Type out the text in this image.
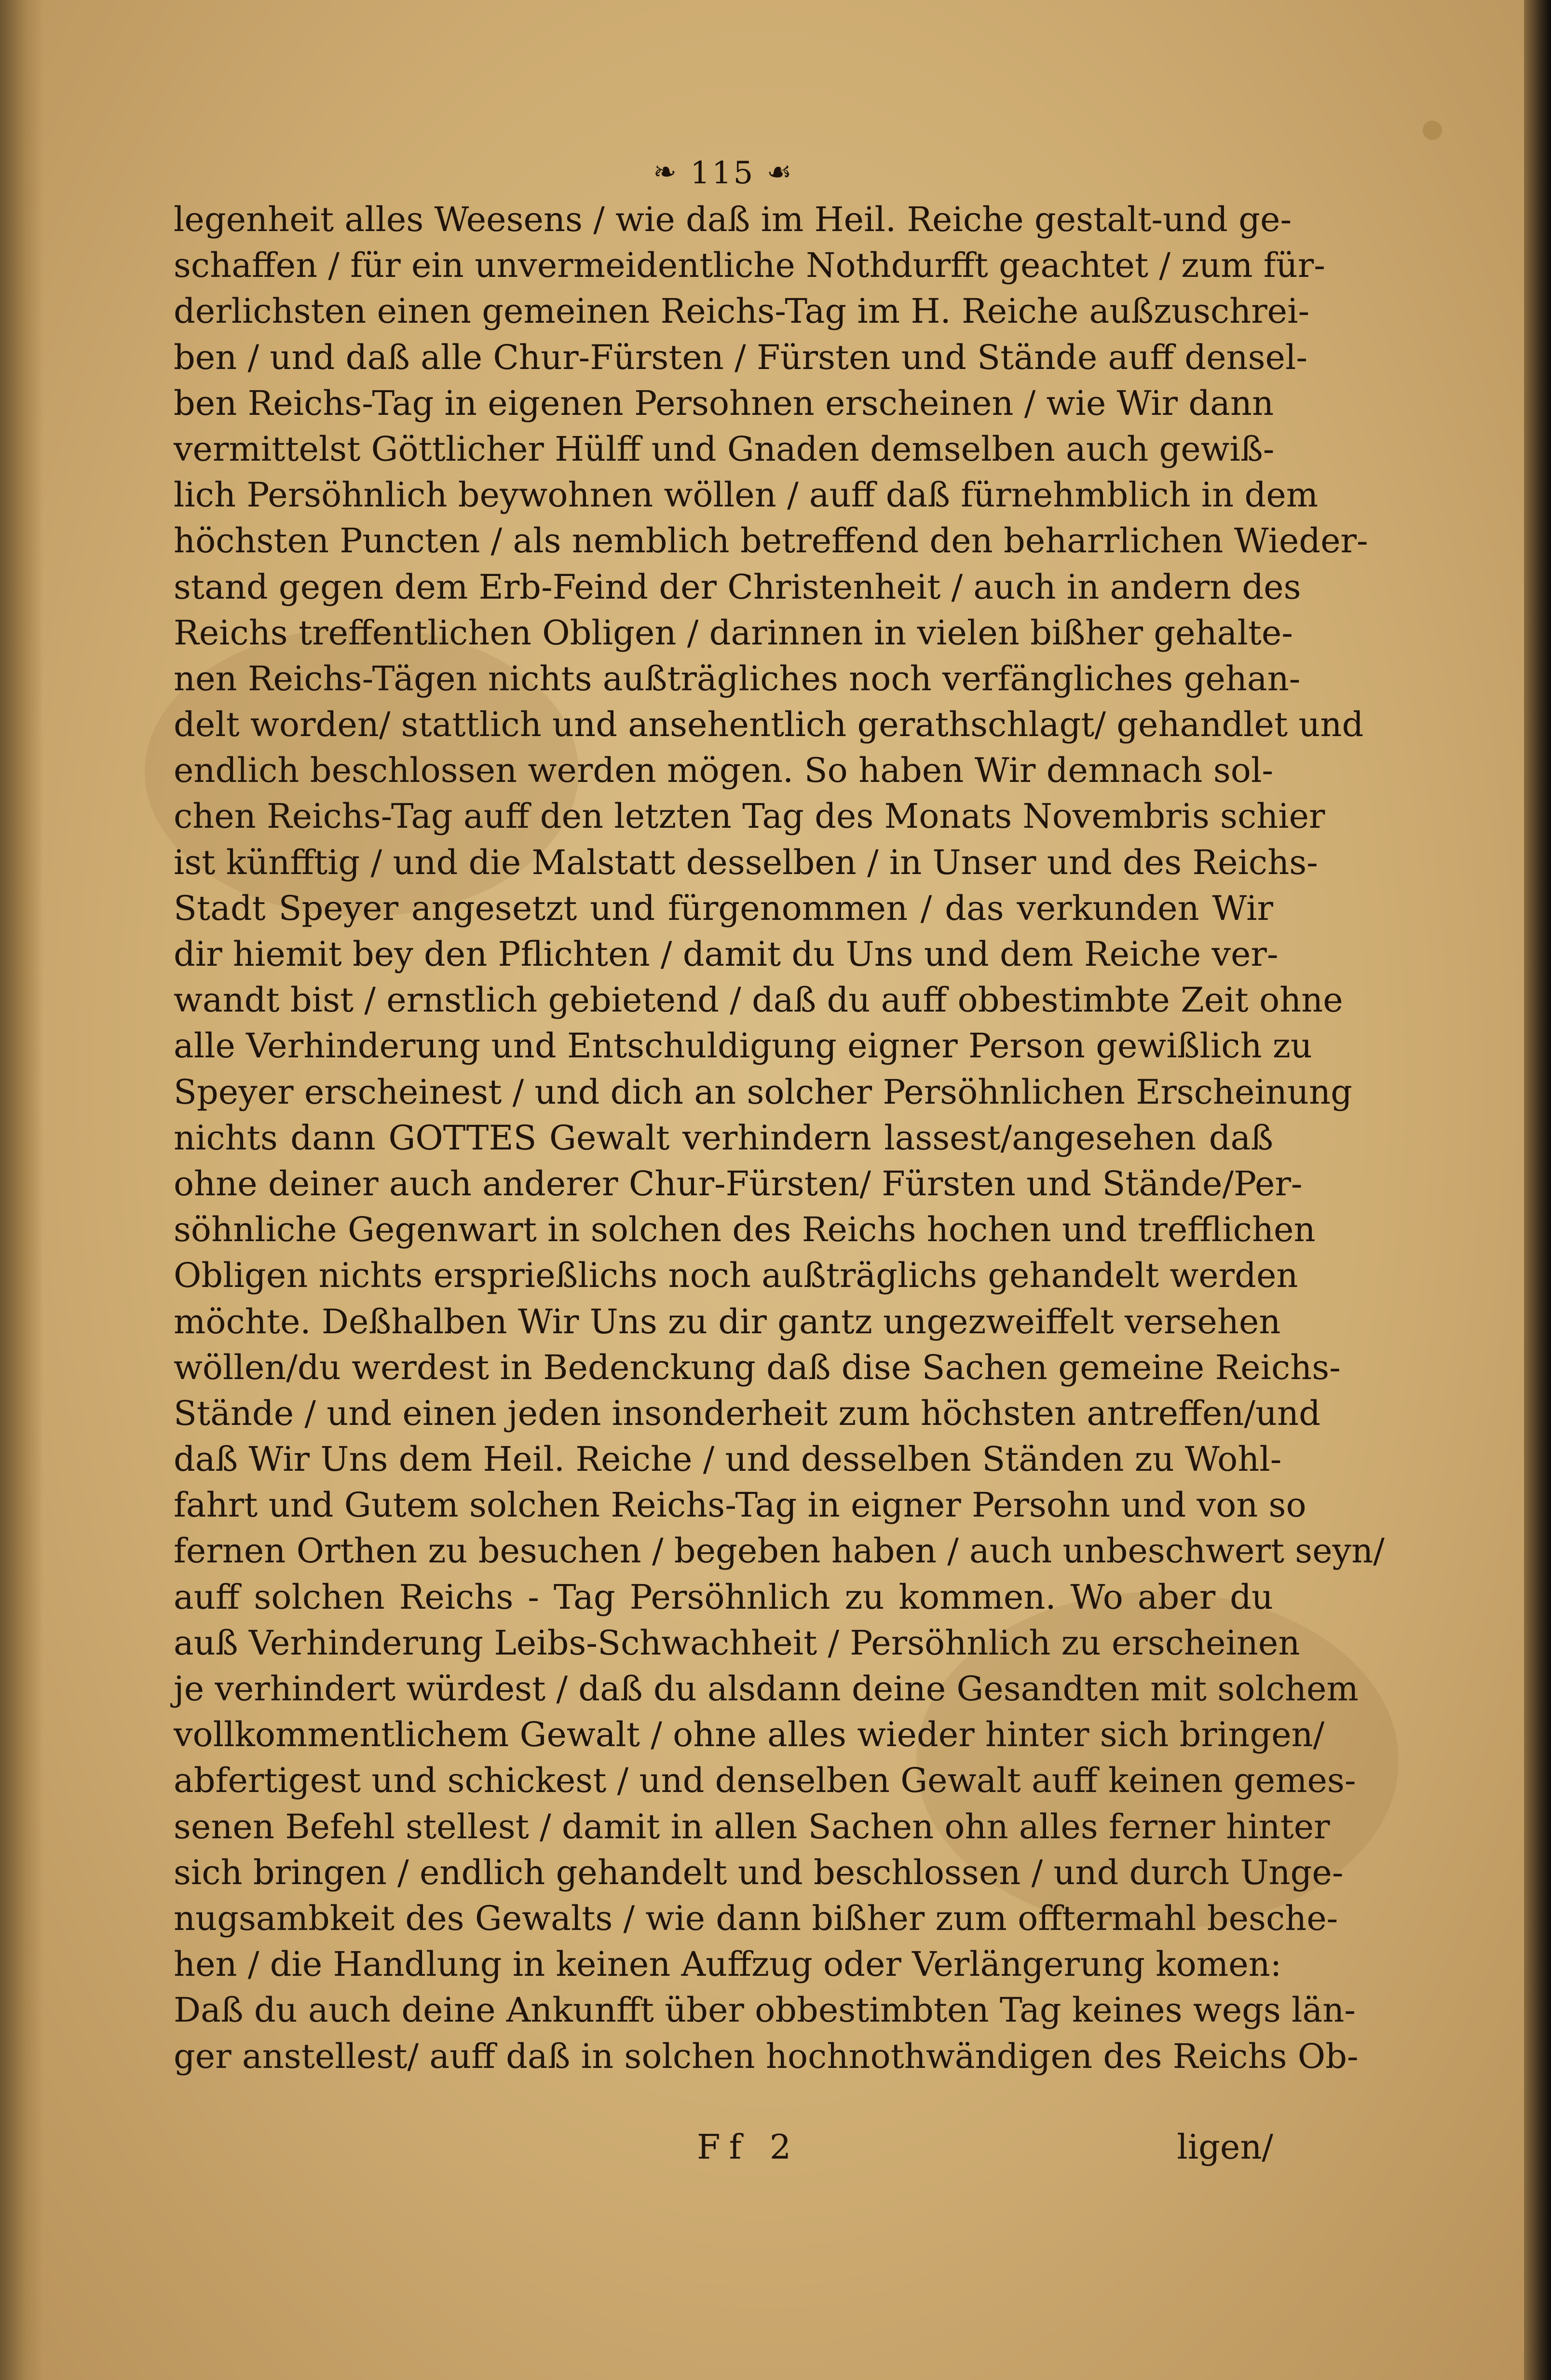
❧ 115 ☙
legenheit alles Weesens / wie daß im Heil. Reiche gestalt-und ge-
schaffen / für ein unvermeidentliche Nothdurfft geachtet / zum für-
derlichsten einen gemeinen Reichs-Tag im H. Reiche außzuschrei-
ben / und daß alle Chur-Fürsten / Fürsten und Stände auff densel-
ben Reichs-Tag in eigenen Persohnen erscheinen / wie Wir dann
vermittelst Göttlicher Hülff und Gnaden demselben auch gewiß-
lich Persöhnlich beywohnen wöllen / auff daß fürnehmblich in dem
höchsten Puncten / als nemblich betreffend den beharrlichen Wieder-
stand gegen dem Erb-Feind der Christenheit / auch in andern des
Reichs treffentlichen Obligen / darinnen in vielen bißher gehalte-
nen Reichs-Tägen nichts außträgliches noch verfängliches gehan-
delt worden/ stattlich und ansehentlich gerathschlagt/ gehandlet und
endlich beschlossen werden mögen. So haben Wir demnach sol-
chen Reichs-Tag auff den letzten Tag des Monats Novembris schier
ist künfftig / und die Malstatt desselben / in Unser und des Reichs-
Stadt Speyer angesetzt und fürgenommen / das verkunden Wir
dir hiemit bey den Pflichten / damit du Uns und dem Reiche ver-
wandt bist / ernstlich gebietend / daß du auff obbestimbte Zeit ohne
alle Verhinderung und Entschuldigung eigner Person gewißlich zu
Speyer erscheinest / und dich an solcher Persöhnlichen Erscheinung
nichts dann GOTTES Gewalt verhindern lassest/angesehen daß
ohne deiner auch anderer Chur-Fürsten/ Fürsten und Stände/Per-
söhnliche Gegenwart in solchen des Reichs hochen und trefflichen
Obligen nichts ersprießlichs noch außträglichs gehandelt werden
möchte. Deßhalben Wir Uns zu dir gantz ungezweiffelt versehen
wöllen/du werdest in Bedenckung daß dise Sachen gemeine Reichs-
Stände / und einen jeden insonderheit zum höchsten antreffen/und
daß Wir Uns dem Heil. Reiche / und desselben Ständen zu Wohl-
fahrt und Gutem solchen Reichs-Tag in eigner Persohn und von so
fernen Orthen zu besuchen / begeben haben / auch unbeschwert seyn/
auff solchen Reichs - Tag Persöhnlich zu kommen. Wo aber du
auß Verhinderung Leibs-Schwachheit / Persöhnlich zu erscheinen
je verhindert würdest / daß du alsdann deine Gesandten mit solchem
vollkommentlichem Gewalt / ohne alles wieder hinter sich bringen/
abfertigest und schickest / und denselben Gewalt auff keinen gemes-
senen Befehl stellest / damit in allen Sachen ohn alles ferner hinter
sich bringen / endlich gehandelt und beschlossen / und durch Unge-
nugsambkeit des Gewalts / wie dann bißher zum offtermahl besche-
hen / die Handlung in keinen Auffzug oder Verlängerung komen:
Daß du auch deine Ankunfft über obbestimbten Tag keines wegs län-
ger anstellest/ auff daß in solchen hochnothwändigen des Reichs Ob-
Ff 2	ligen/
